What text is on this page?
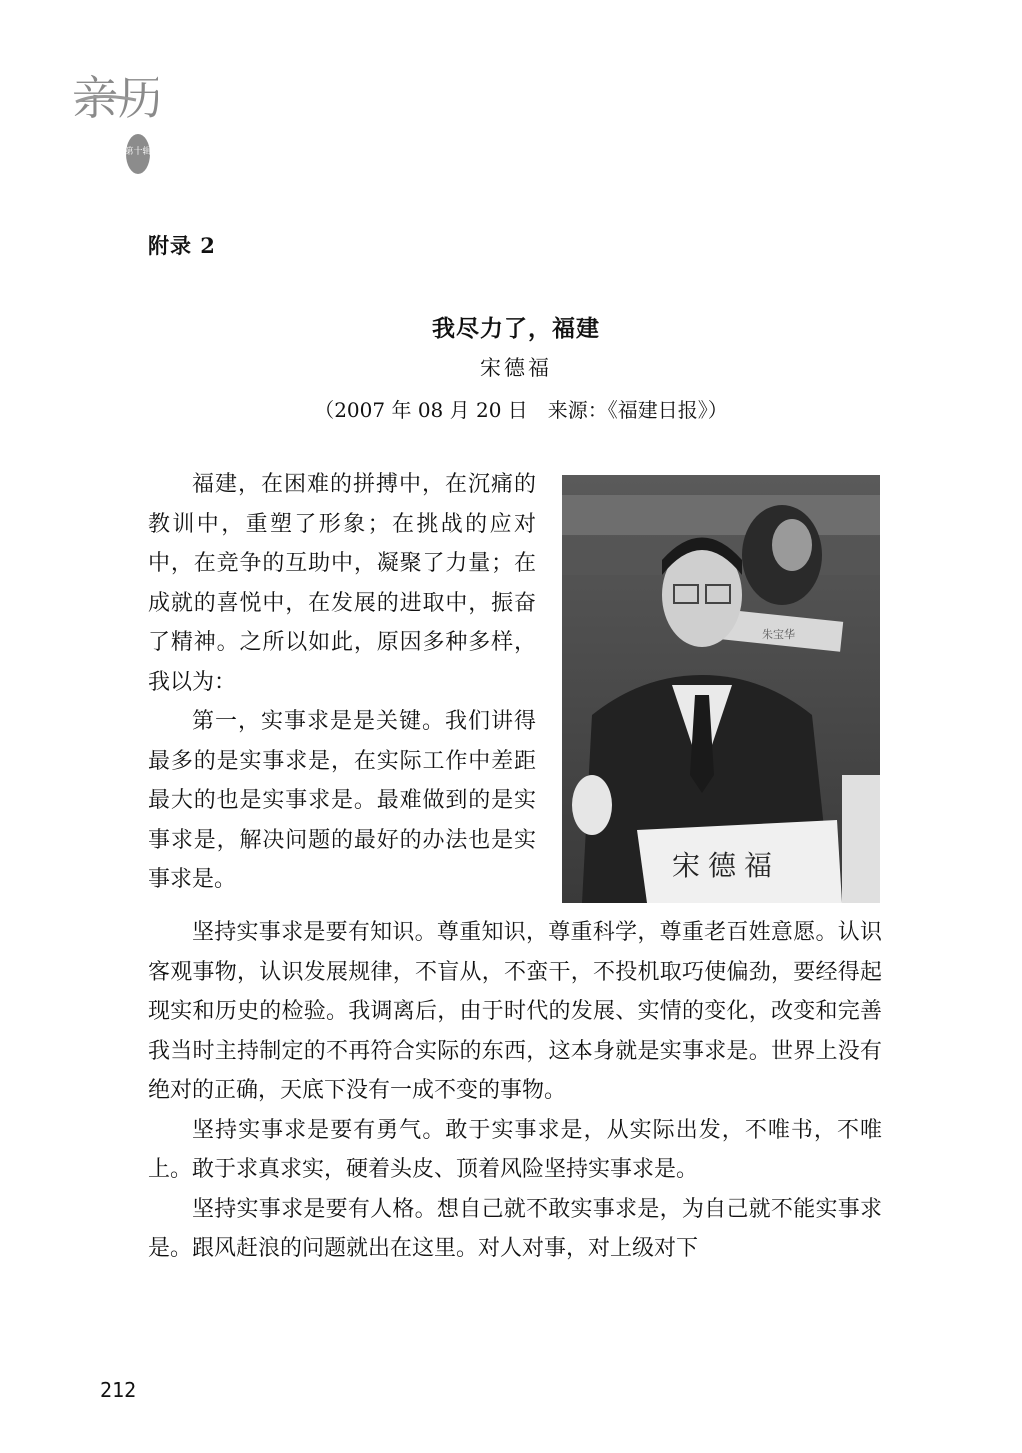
亲历
第十辑
附录 2
我尽力了，福建
宋德福
（2007 年 08 月 20 日　来源：《福建日报》）

福建，在困难的拼搏中，在沉痛的教训中，重塑了形象；在挑战的应对中，在竞争的互助中，凝聚了力量；在成就的喜悦中，在发展的进取中，振奋了精神。之所以如此，原因多种多样，我以为：

第一，实事求是是关键。我们讲得最多的是实事求是，在实际工作中差距最大的也是实事求是。最难做到的是实事求是，解决问题的最好的办法也是实事求是。

朱宝华
宋德福

坚持实事求是要有知识。尊重知识，尊重科学，尊重老百姓意愿。认识客观事物，认识发展规律，不盲从，不蛮干，不投机取巧使偏劲，要经得起现实和历史的检验。我调离后，由于时代的发展、实情的变化，改变和完善我当时主持制定的不再符合实际的东西，这本身就是实事求是。世界上没有绝对的正确，天底下没有一成不变的事物。

坚持实事求是要有勇气。敢于实事求是，从实际出发，不唯书，不唯上。敢于求真求实，硬着头皮、顶着风险坚持实事求是。

坚持实事求是要有人格。想自己就不敢实事求是，为自己就不能实事求是。跟风赶浪的问题就出在这里。对人对事，对上级对下

212
